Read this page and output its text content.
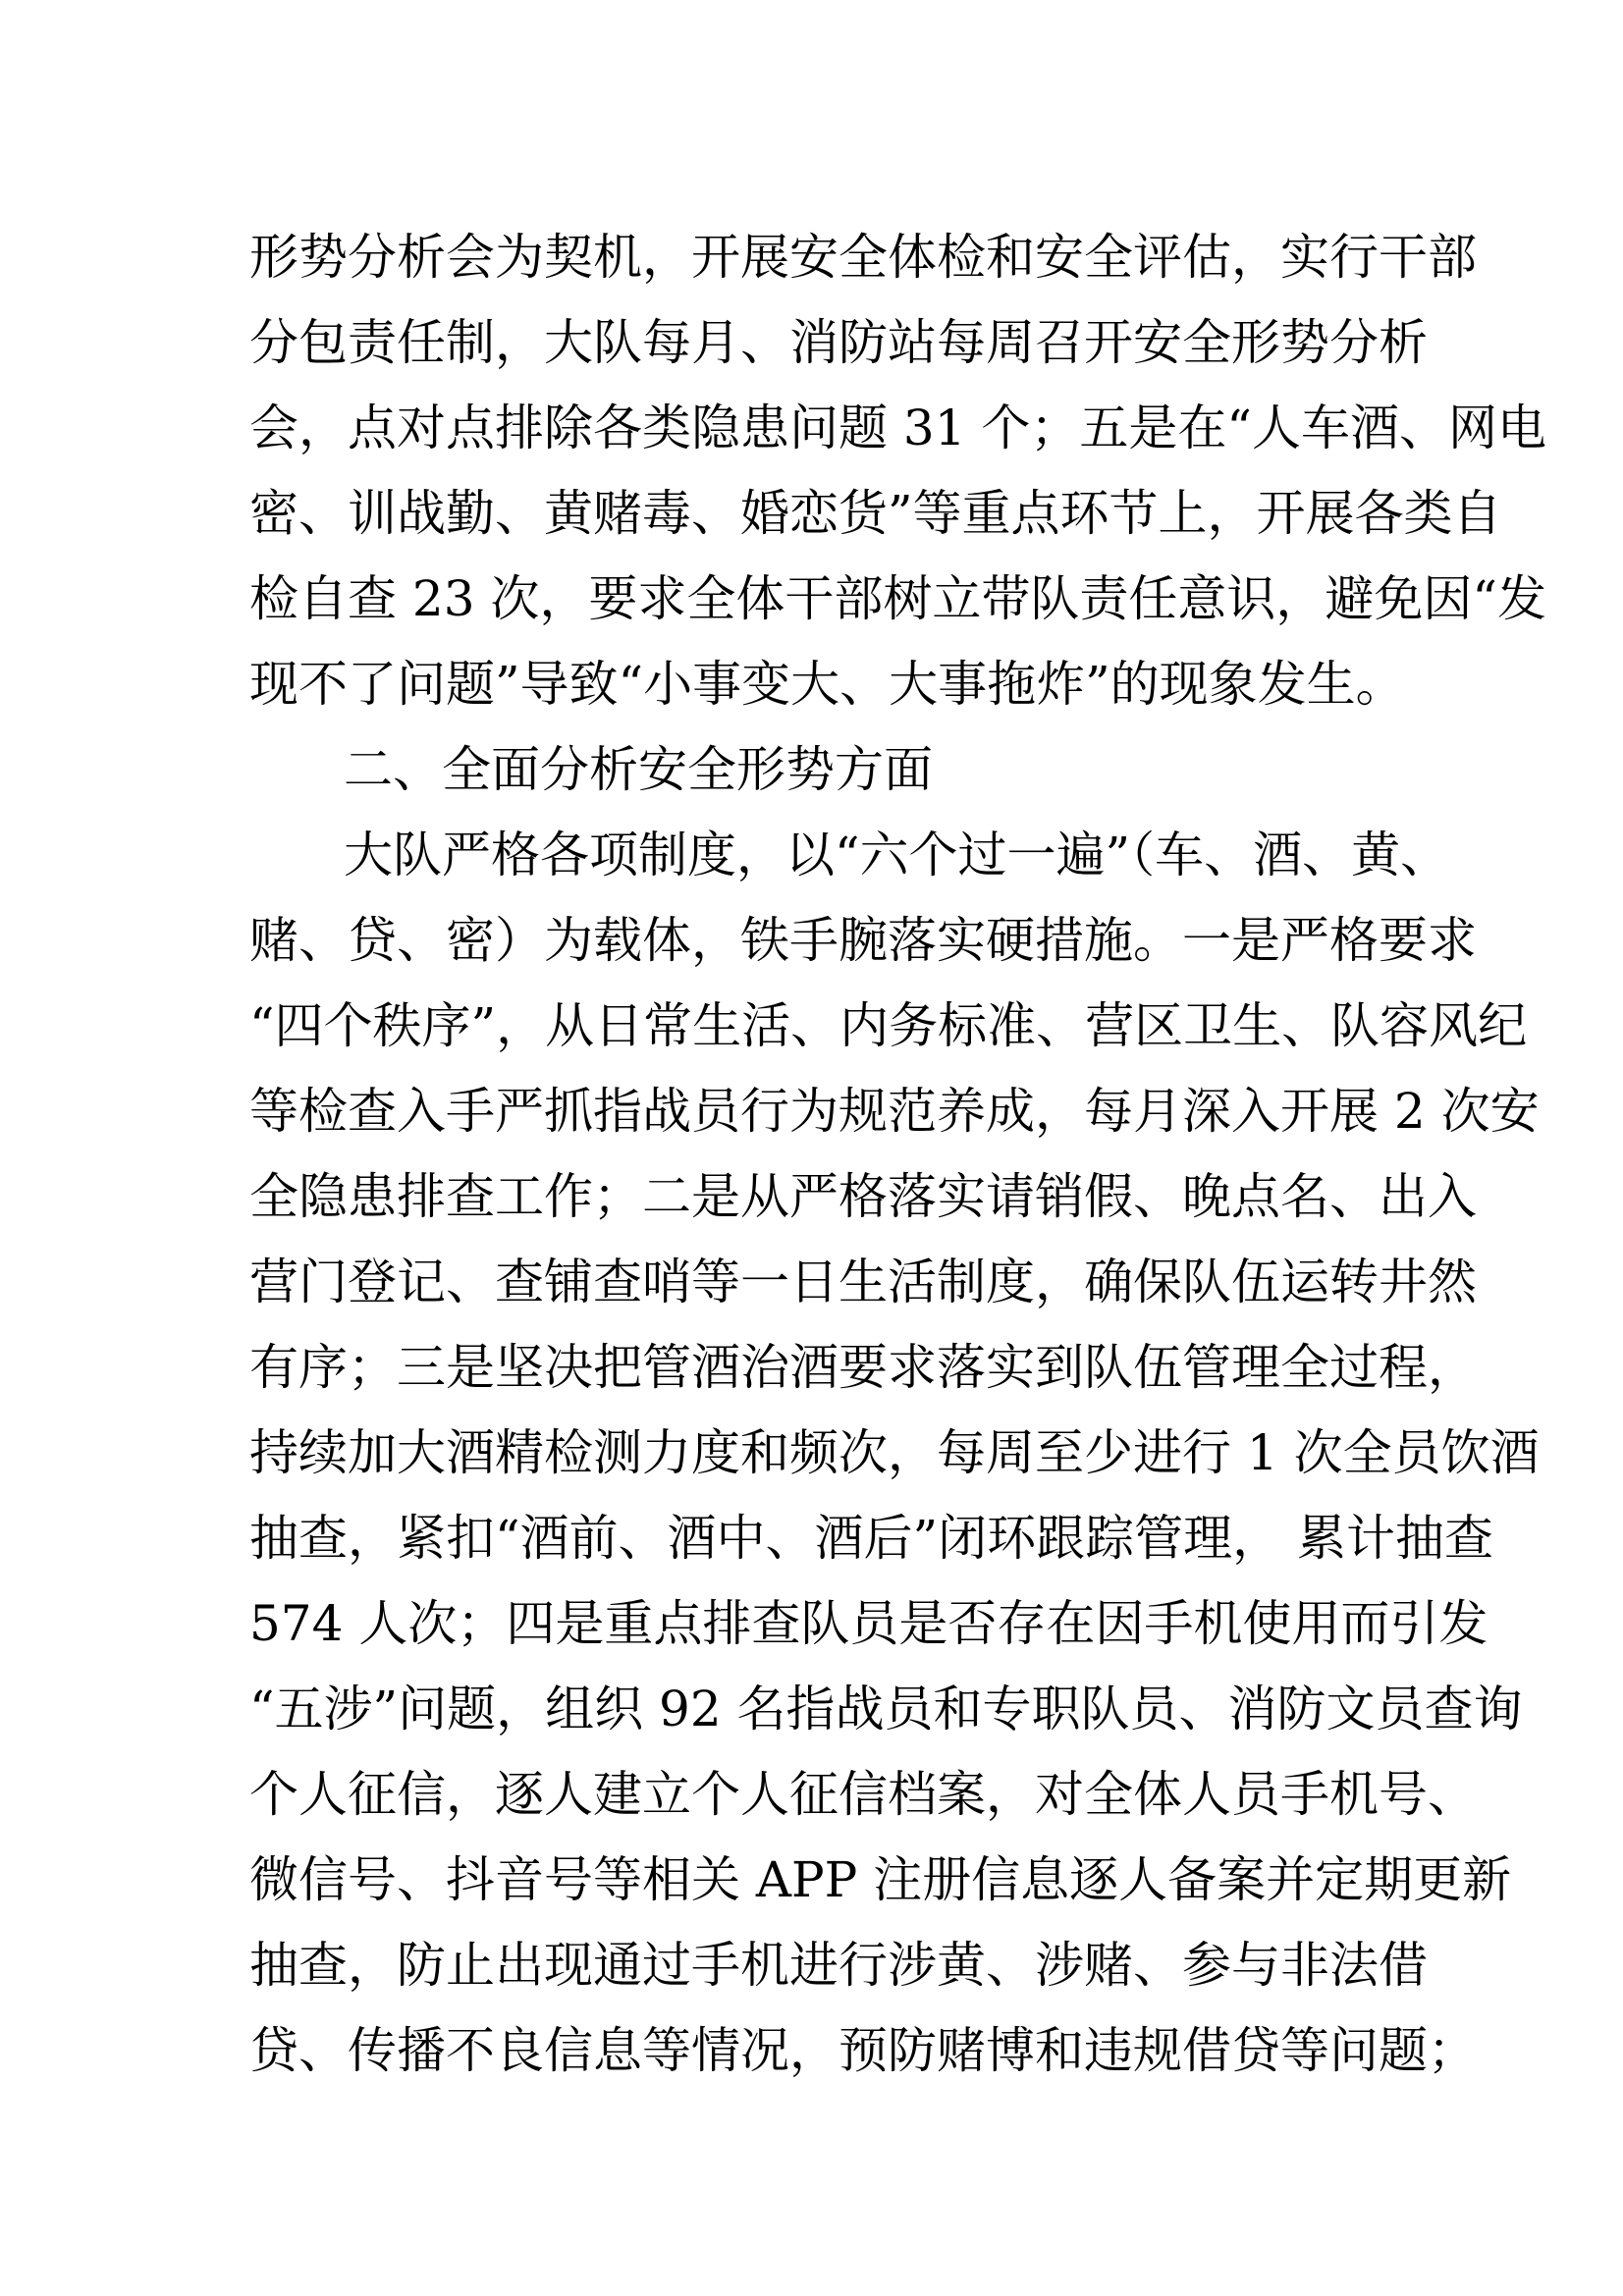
形势分析会为契机，开展安全体检和安全评估，实行干部
分包责任制，大队每月、消防站每周召开安全形势分析
会，点对点排除各类隐患问题 31 个；五是在“人车酒、网电
密、训战勤、黄赌毒、婚恋货”等重点环节上，开展各类自
检自查 23 次，要求全体干部树立带队责任意识，避免因“发
现不了问题”导致“小事变大、大事拖炸”的现象发生。
二、全面分析安全形势方面
大队严格各项制度，以“六个过一遍”（车、酒、黄、
赌、贷、密）为载体，铁手腕落实硬措施。一是严格要求
“四个秩序”，从日常生活、内务标准、营区卫生、队容风纪
等检查入手严抓指战员行为规范养成，每月深入开展 2 次安
全隐患排查工作；二是从严格落实请销假、晚点名、出入
营门登记、查铺查哨等一日生活制度，确保队伍运转井然
有序；三是坚决把管酒治酒要求落实到队伍管理全过程，
持续加大酒精检测力度和频次，每周至少进行 1 次全员饮酒
抽查，紧扣“酒前、酒中、酒后”闭环跟踪管理， 累计抽查
574 人次；四是重点排查队员是否存在因手机使用而引发
“五涉”问题，组织 92 名指战员和专职队员、消防文员查询
个人征信，逐人建立个人征信档案，对全体人员手机号、
微信号、抖音号等相关 APP 注册信息逐人备案并定期更新
抽查，防止出现通过手机进行涉黄、涉赌、参与非法借
贷、传播不良信息等情况，预防赌博和违规借贷等问题；
